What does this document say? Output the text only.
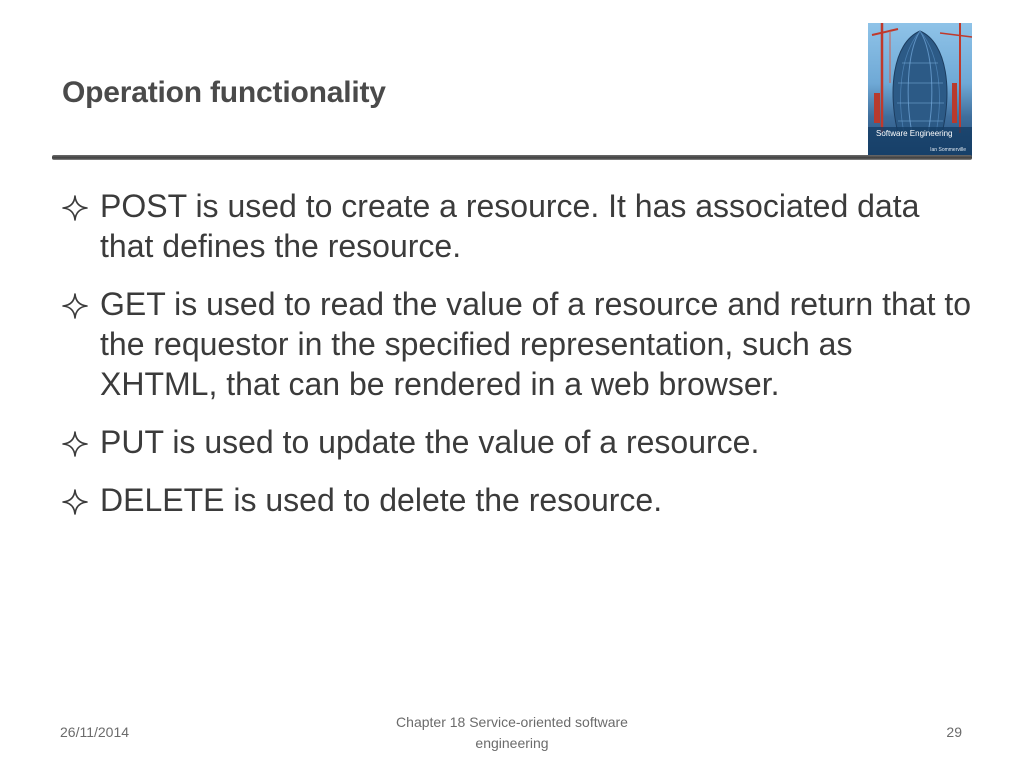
Operation functionality
Software Engineering
Ian Sommerville
POST is used to create a resource. It has associated data that defines the resource.
GET is used to read the value of a resource and return that to the requestor in the specified representation, such as XHTML, that can be rendered in a web browser.
PUT is used to update the value of a resource.
DELETE is used to delete the resource.
26/11/2014
Chapter 18 Service-oriented software engineering
29
